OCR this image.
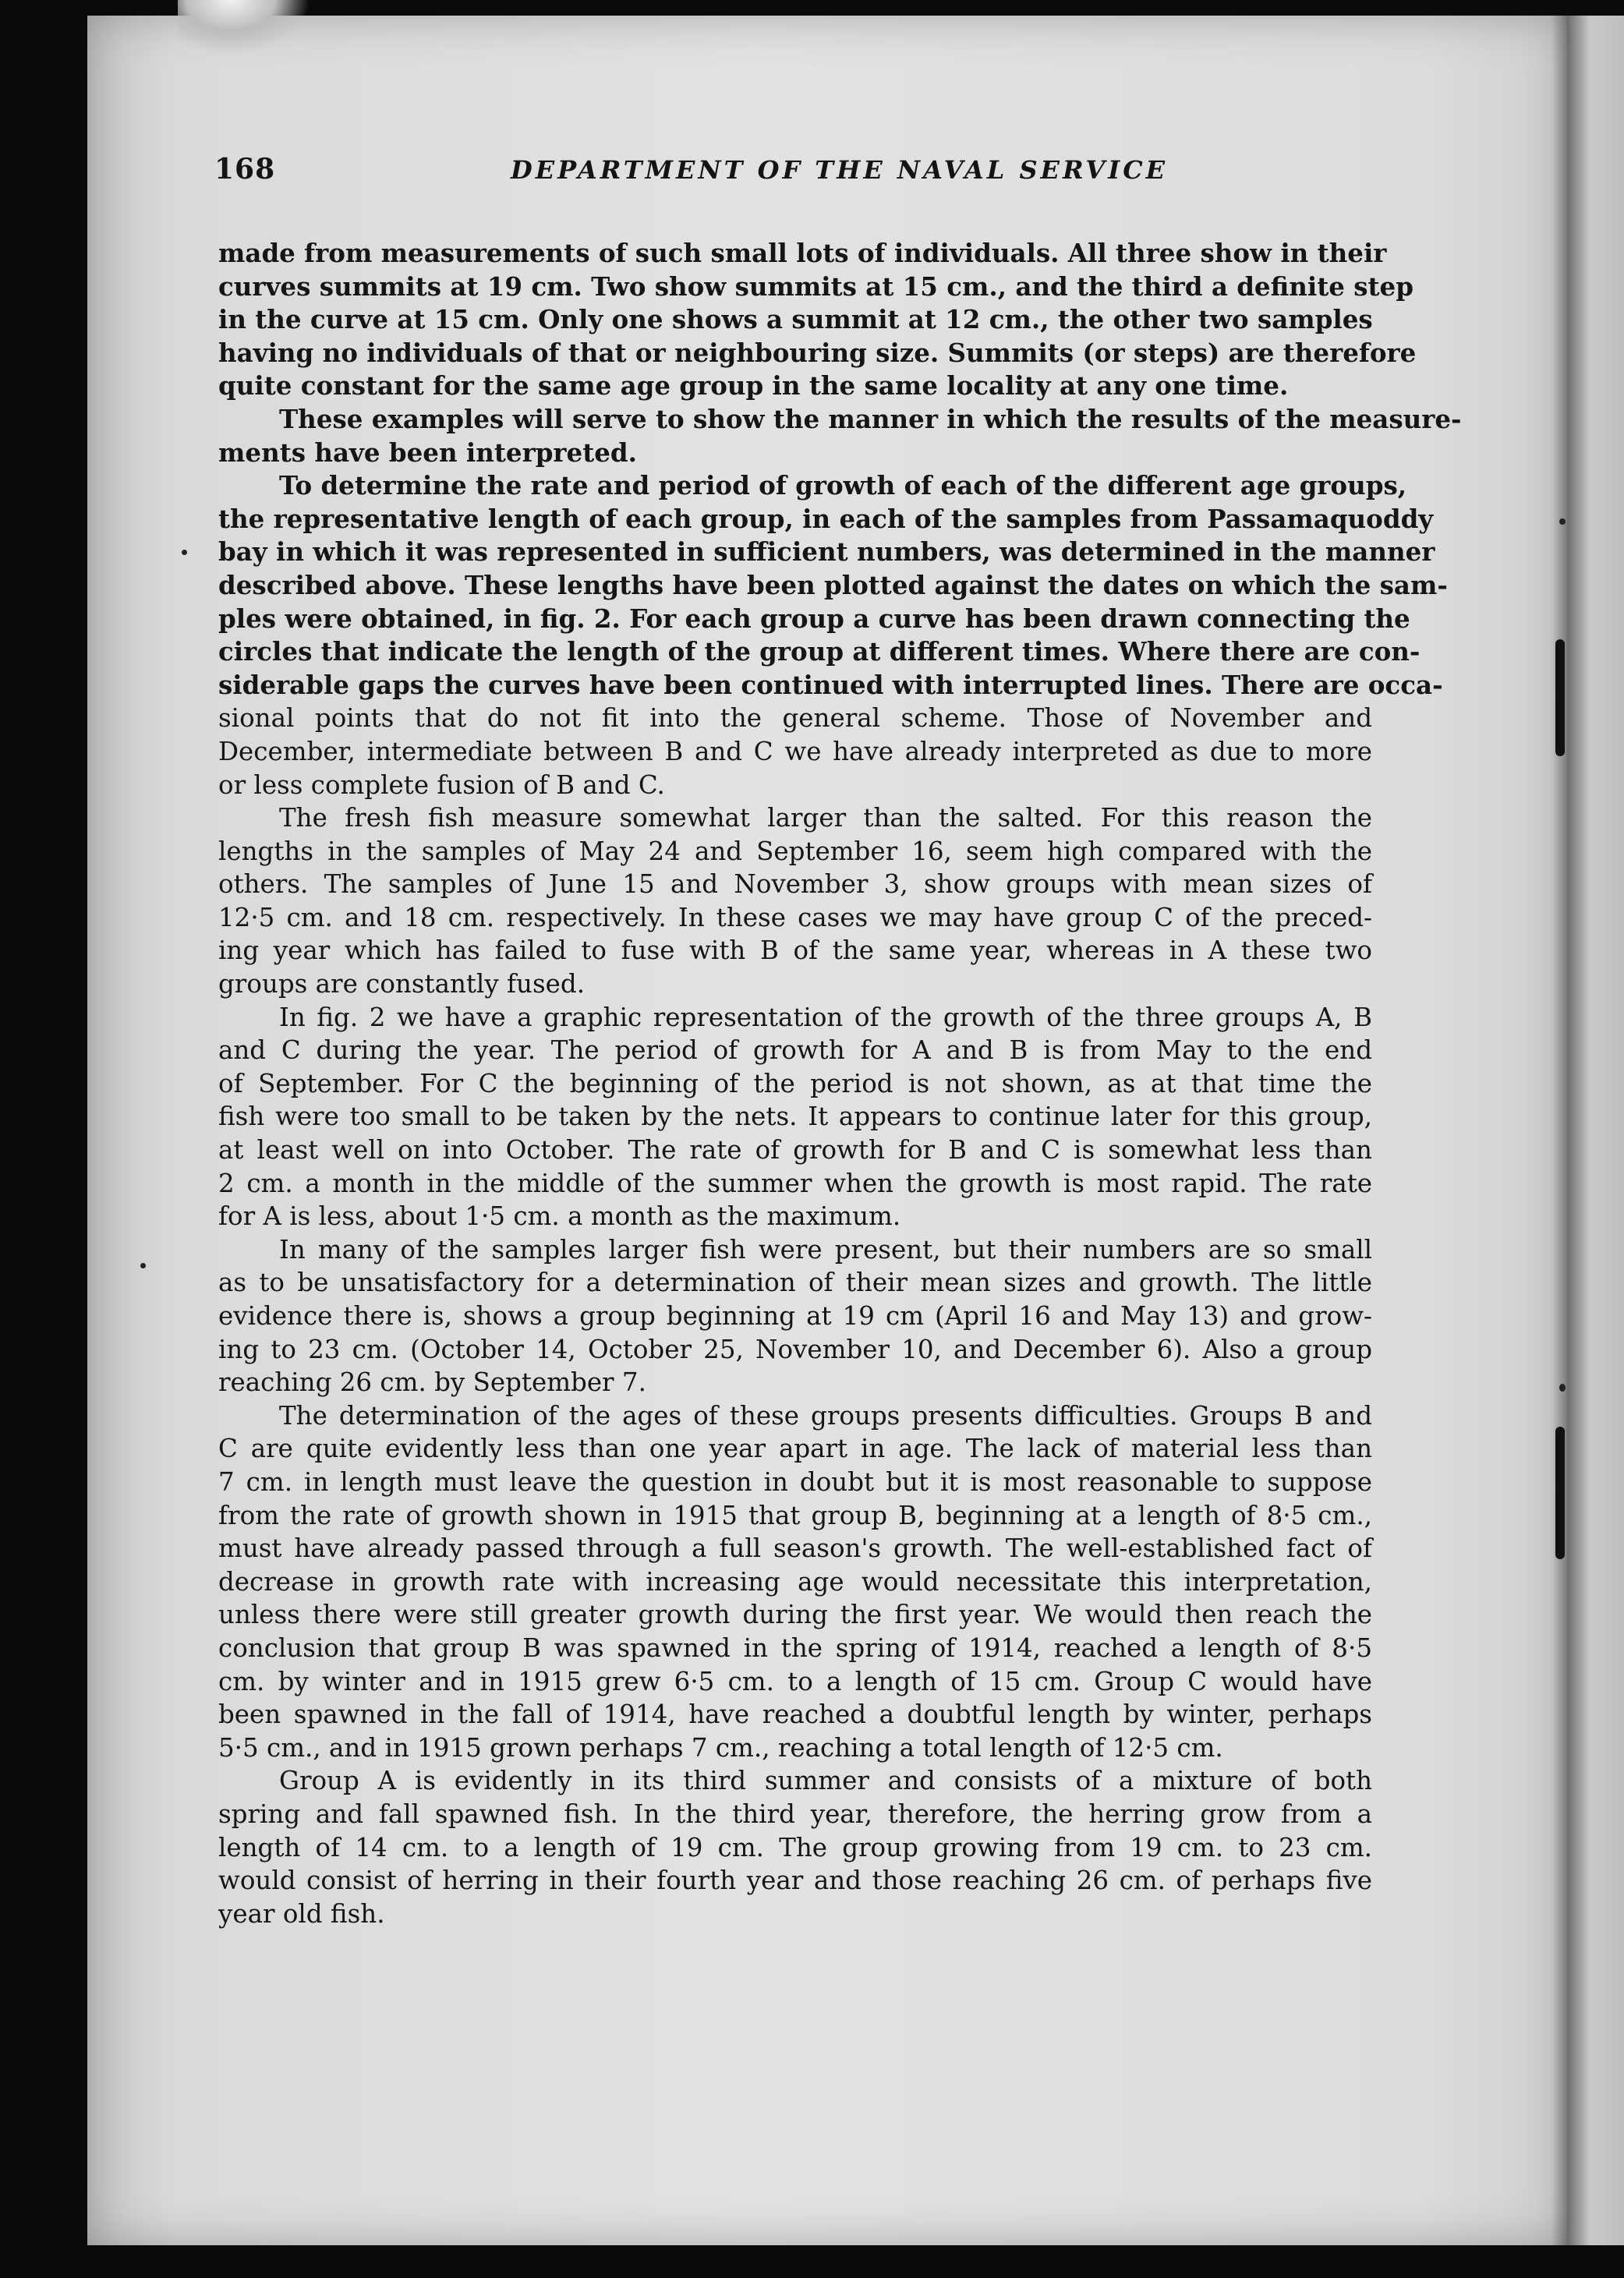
168	DEPARTMENT OF THE NAVAL SERVICE
made from measurements of such small lots of individuals. All three show in their
curves summits at 19 cm. Two show summits at 15 cm., and the third a definite step
in the curve at 15 cm. Only one shows a summit at 12 cm., the other two samples
having no individuals of that or neighbouring size. Summits (or steps) are therefore
quite constant for the same age group in the same locality at any one time.
These examples will serve to show the manner in which the results of the measure-
ments have been interpreted.
To determine the rate and period of growth of each of the different age groups,
the representative length of each group, in each of the samples from Passamaquoddy
bay in which it was represented in sufficient numbers, was determined in the manner
described above. These lengths have been plotted against the dates on which the sam-
ples were obtained, in fig. 2. For each group a curve has been drawn connecting the
circles that indicate the length of the group at different times. Where there are con-
siderable gaps the curves have been continued with interrupted lines. There are occa-
sional points that do not fit into the general scheme. Those of November and
December, intermediate between B and C we have already interpreted as due to more
or less complete fusion of B and C.
The fresh fish measure somewhat larger than the salted. For this reason the
lengths in the samples of May 24 and September 16, seem high compared with the
others. The samples of June 15 and November 3, show groups with mean sizes of
12·5 cm. and 18 cm. respectively. In these cases we may have group C of the preced-
ing year which has failed to fuse with B of the same year, whereas in A these two
groups are constantly fused.
In fig. 2 we have a graphic representation of the growth of the three groups A, B
and C during the year. The period of growth for A and B is from May to the end
of September. For C the beginning of the period is not shown, as at that time the
fish were too small to be taken by the nets. It appears to continue later for this group,
at least well on into October. The rate of growth for B and C is somewhat less than
2 cm. a month in the middle of the summer when the growth is most rapid. The rate
for A is less, about 1·5 cm. a month as the maximum.
In many of the samples larger fish were present, but their numbers are so small
as to be unsatisfactory for a determination of their mean sizes and growth. The little
evidence there is, shows a group beginning at 19 cm (April 16 and May 13) and grow-
ing to 23 cm. (October 14, October 25, November 10, and December 6). Also a group
reaching 26 cm. by September 7.
The determination of the ages of these groups presents difficulties. Groups B and
C are quite evidently less than one year apart in age. The lack of material less than
7 cm. in length must leave the question in doubt but it is most reasonable to suppose
from the rate of growth shown in 1915 that group B, beginning at a length of 8·5 cm.,
must have already passed through a full season's growth. The well-established fact of
decrease in growth rate with increasing age would necessitate this interpretation,
unless there were still greater growth during the first year. We would then reach the
conclusion that group B was spawned in the spring of 1914, reached a length of 8·5
cm. by winter and in 1915 grew 6·5 cm. to a length of 15 cm. Group C would have
been spawned in the fall of 1914, have reached a doubtful length by winter, perhaps
5·5 cm., and in 1915 grown perhaps 7 cm., reaching a total length of 12·5 cm.
Group A is evidently in its third summer and consists of a mixture of both
spring and fall spawned fish. In the third year, therefore, the herring grow from a
length of 14 cm. to a length of 19 cm. The group growing from 19 cm. to 23 cm.
would consist of herring in their fourth year and those reaching 26 cm. of perhaps five
year old fish.
